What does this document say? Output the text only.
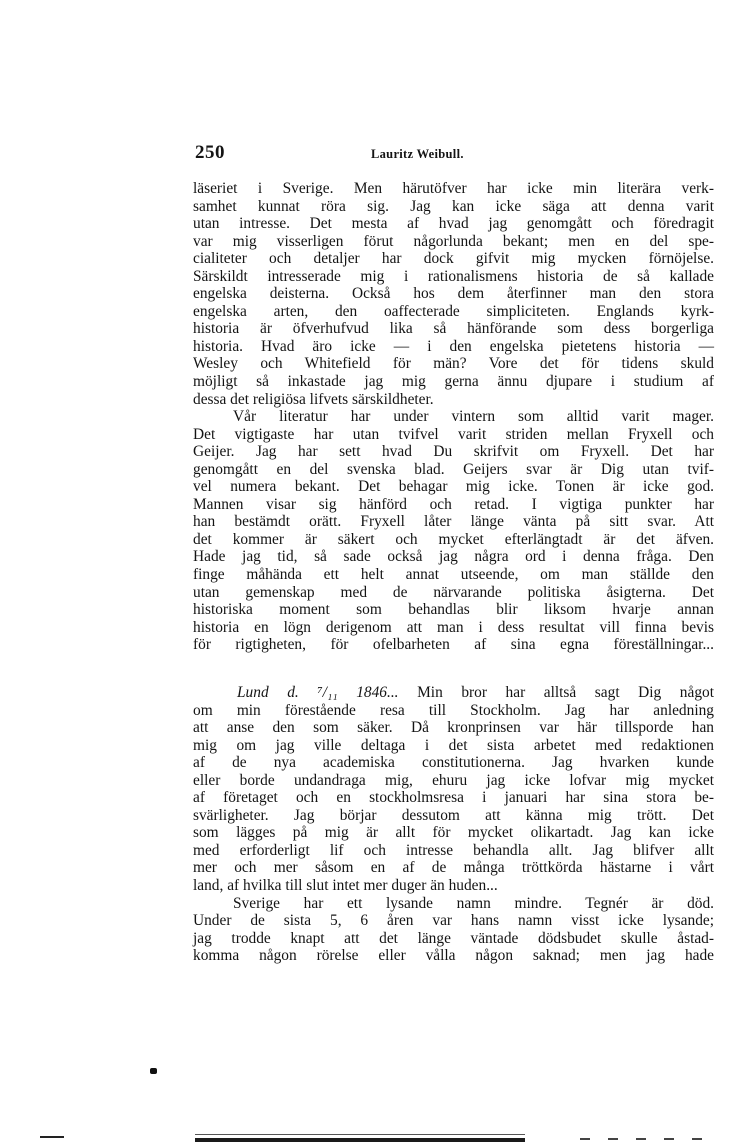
250	Lauritz Weibull.
läseriet i Sverige. Men härutöfver har icke min literära verk-
samhet kunnat röra sig. Jag kan icke säga att denna varit
utan intresse. Det mesta af hvad jag genomgått och föredragit
var mig visserligen förut någorlunda bekant; men en del spe-
cialiteter och detaljer har dock gifvit mig mycken förnöjelse.
Särskildt intresserade mig i rationalismens historia de så kallade
engelska deisterna. Också hos dem återfinner man den stora
engelska arten, den oaffecterade simpliciteten. Englands kyrk-
historia är öfverhufvud lika så hänförande som dess borgerliga
historia. Hvad äro icke — i den engelska pietetens historia —
Wesley och Whitefield för män? Vore det för tidens skuld
möjligt så inkastade jag mig gerna ännu djupare i studium af
dessa det religiösa lifvets särskildheter.
Vår literatur har under vintern som alltid varit mager.
Det vigtigaste har utan tvifvel varit striden mellan Fryxell och
Geijer. Jag har sett hvad Du skrifvit om Fryxell. Det har
genomgått en del svenska blad. Geijers svar är Dig utan tvif-
vel numera bekant. Det behagar mig icke. Tonen är icke god.
Mannen visar sig hänförd och retad. I vigtiga punkter har
han bestämdt orätt. Fryxell låter länge vänta på sitt svar. Att
det kommer är säkert och mycket efterlängtadt är det äfven.
Hade jag tid, så sade också jag några ord i denna fråga. Den
finge måhända ett helt annat utseende, om man ställde den
utan gemenskap med de närvarande politiska åsigterna. Det
historiska moment som behandlas blir liksom hvarje annan
historia en lögn derigenom att man i dess resultat vill finna bevis
för rigtigheten, för ofelbarheten af sina egna föreställningar...
Lund d. ⁷/₁₁ 1846... Min bror har alltså sagt Dig något
om min förestående resa till Stockholm. Jag har anledning
att anse den som säker. Då kronprinsen var här tillsporde han
mig om jag ville deltaga i det sista arbetet med redaktionen
af de nya academiska constitutionerna. Jag hvarken kunde
eller borde undandraga mig, ehuru jag icke lofvar mig mycket
af företaget och en stockholmsresa i januari har sina stora be-
svärligheter. Jag börjar dessutom att känna mig trött. Det
som lägges på mig är allt för mycket olikartadt. Jag kan icke
med erforderligt lif och intresse behandla allt. Jag blifver allt
mer och mer såsom en af de många tröttkörda hästarne i vårt
land, af hvilka till slut intet mer duger än huden...
Sverige har ett lysande namn mindre. Tegnér är död.
Under de sista 5, 6 åren var hans namn visst icke lysande;
jag trodde knapt att det länge väntade dödsbudet skulle åstad-
komma någon rörelse eller vålla någon saknad; men jag hade
